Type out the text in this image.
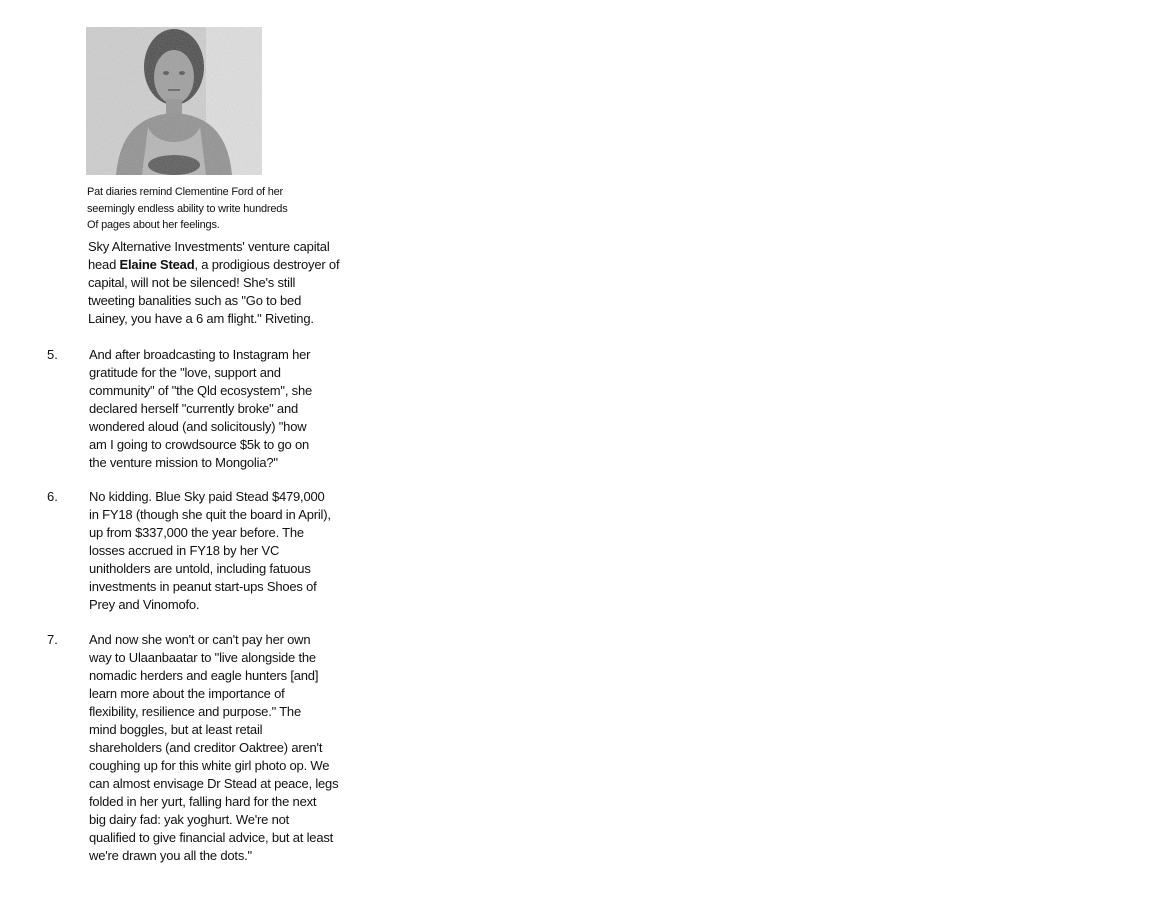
Pat diaries remind Clementine Ford of her
seemingly endless ability to write hundreds
Of pages about her feelings.
Sky Alternative Investments' venture capital
head Elaine Stead, a prodigious destroyer of
capital, will not be silenced! She's still
tweeting banalities such as "Go to bed
Lainey, you have a 6 am flight." Riveting.
5. And after broadcasting to Instagram her
gratitude for the "love, support and
community" of "the Qld ecosystem", she
declared herself "currently broke" and
wondered aloud (and solicitously) "how
am I going to crowdsource $5k to go on
the venture mission to Mongolia?"
6. No kidding. Blue Sky paid Stead $479,000
in FY18 (though she quit the board in April),
up from $337,000 the year before. The
losses accrued in FY18 by her VC
unitholders are untold, including fatuous
investments in peanut start-ups Shoes of
Prey and Vinomofo.
7. And now she won't or can't pay her own
way to Ulaanbaatar to "live alongside the
nomadic herders and eagle hunters [and]
learn more about the importance of
flexibility, resilience and purpose." The
mind boggles, but at least retail
shareholders (and creditor Oaktree) aren't
coughing up for this white girl photo op. We
can almost envisage Dr Stead at peace, legs
folded in her yurt, falling hard for the next
big dairy fad: yak yoghurt. We're not
qualified to give financial advice, but at least
we're drawn you all the dots."
